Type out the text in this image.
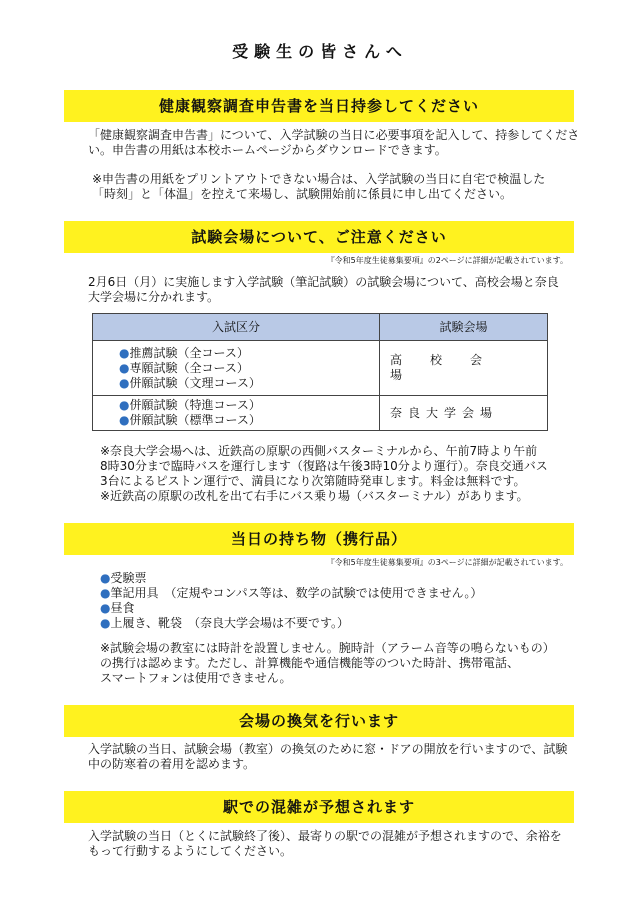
受験生の皆さんへ
健康観察調査申告書を当日持参してください
「健康観察調査申告書」について、入学試験の当日に必要事項を記入して、持参してくださ
い。申告書の用紙は本校ホームページからダウンロードできます。
※申告書の用紙をプリントアウトできない場合は、入学試験の当日に自宅で検温した
「時刻」と「体温」を控えて来場し、試験開始前に係員に申し出てください。
試験会場について、ご注意ください
『令和5年度生徒募集要項』の2ページに詳細が記載されています。
2月6日（月）に実施します入学試験（筆記試験）の試験会場について、高校会場と奈良
大学会場に分かれます。
入試区分	試験会場

●推薦試験（全コース）
●専願試験（全コース）
●併願試験（文理コース）	高校会場

●併願試験（特進コース）
●併願試験（標準コース）	奈良大学会場
※奈良大学会場へは、近鉄高の原駅の西側バスターミナルから、午前7時より午前
8時30分まで臨時バスを運行します（復路は午後3時10分より運行）。奈良交通バス
3台によるピストン運行で、満員になり次第随時発車します。料金は無料です。
※近鉄高の原駅の改札を出て右手にバス乗り場（バスターミナル）があります。
当日の持ち物（携行品）
『令和5年度生徒募集要項』の3ページに詳細が記載されています。
●受験票
●筆記用具　（定規やコンパス等は、数学の試験では使用できません。）
●昼食
●上履き、靴袋　（奈良大学会場は不要です。）
※試験会場の教室には時計を設置しません。腕時計（アラーム音等の鳴らないもの）
の携行は認めます。ただし、計算機能や通信機能等のついた時計、携帯電話、
スマートフォンは使用できません。
会場の換気を行います
入学試験の当日、試験会場（教室）の換気のために窓・ドアの開放を行いますので、試験
中の防寒着の着用を認めます。
駅での混雑が予想されます
入学試験の当日（とくに試験終了後）、最寄りの駅での混雑が予想されますので、余裕を
もって行動するようにしてください。
